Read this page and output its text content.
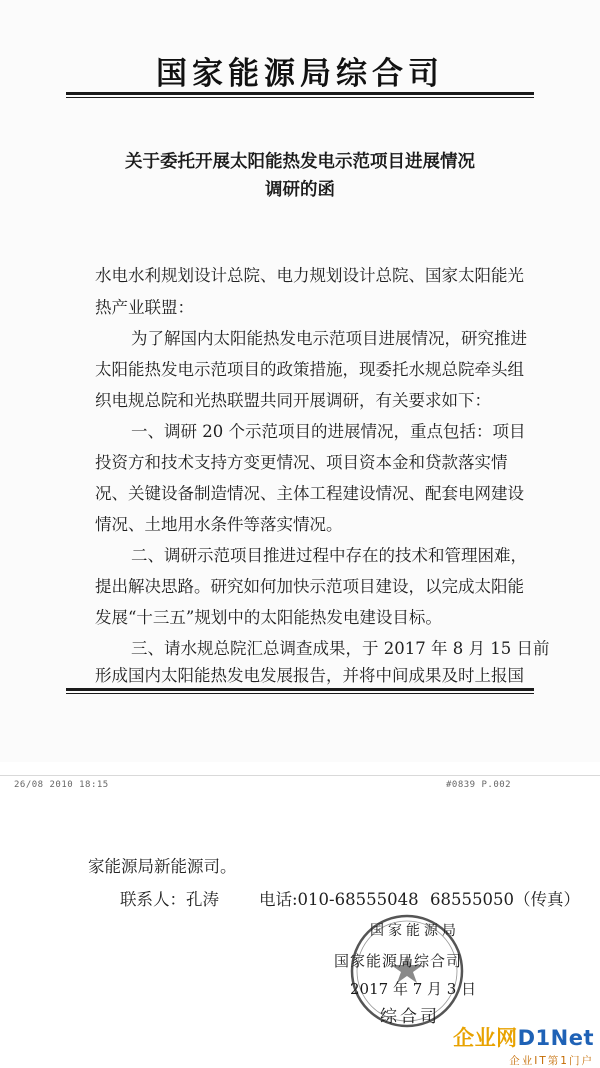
国家能源局综合司
关于委托开展太阳能热发电示范项目进展情况
调研的函
水电水利规划设计总院、电力规划设计总院、国家太阳能光
热产业联盟：
为了解国内太阳能热发电示范项目进展情况，研究推进
太阳能热发电示范项目的政策措施，现委托水规总院牵头组
织电规总院和光热联盟共同开展调研，有关要求如下：
一、调研 20 个示范项目的进展情况，重点包括：项目
投资方和技术支持方变更情况、项目资本金和贷款落实情
况、关键设备制造情况、主体工程建设情况、配套电网建设
情况、土地用水条件等落实情况。
二、调研示范项目推进过程中存在的技术和管理困难，
提出解决思路。研究如何加快示范项目建设，以完成太阳能
发展“十三五”规划中的太阳能热发电建设目标。
三、请水规总院汇总调查成果，于 2017 年 8 月 15 日前
形成国内太阳能热发电发展报告，并将中间成果及时上报国
26/08 2010 18:15	#0839 P.002
家能源局新能源司。
联系人：孔涛 电话:010-68555048 68555050（传真）
国家能源局
国家能源局综合司
2017 年 7 月 3 日
综合司
企业网D1Net
企业IT第1门户
